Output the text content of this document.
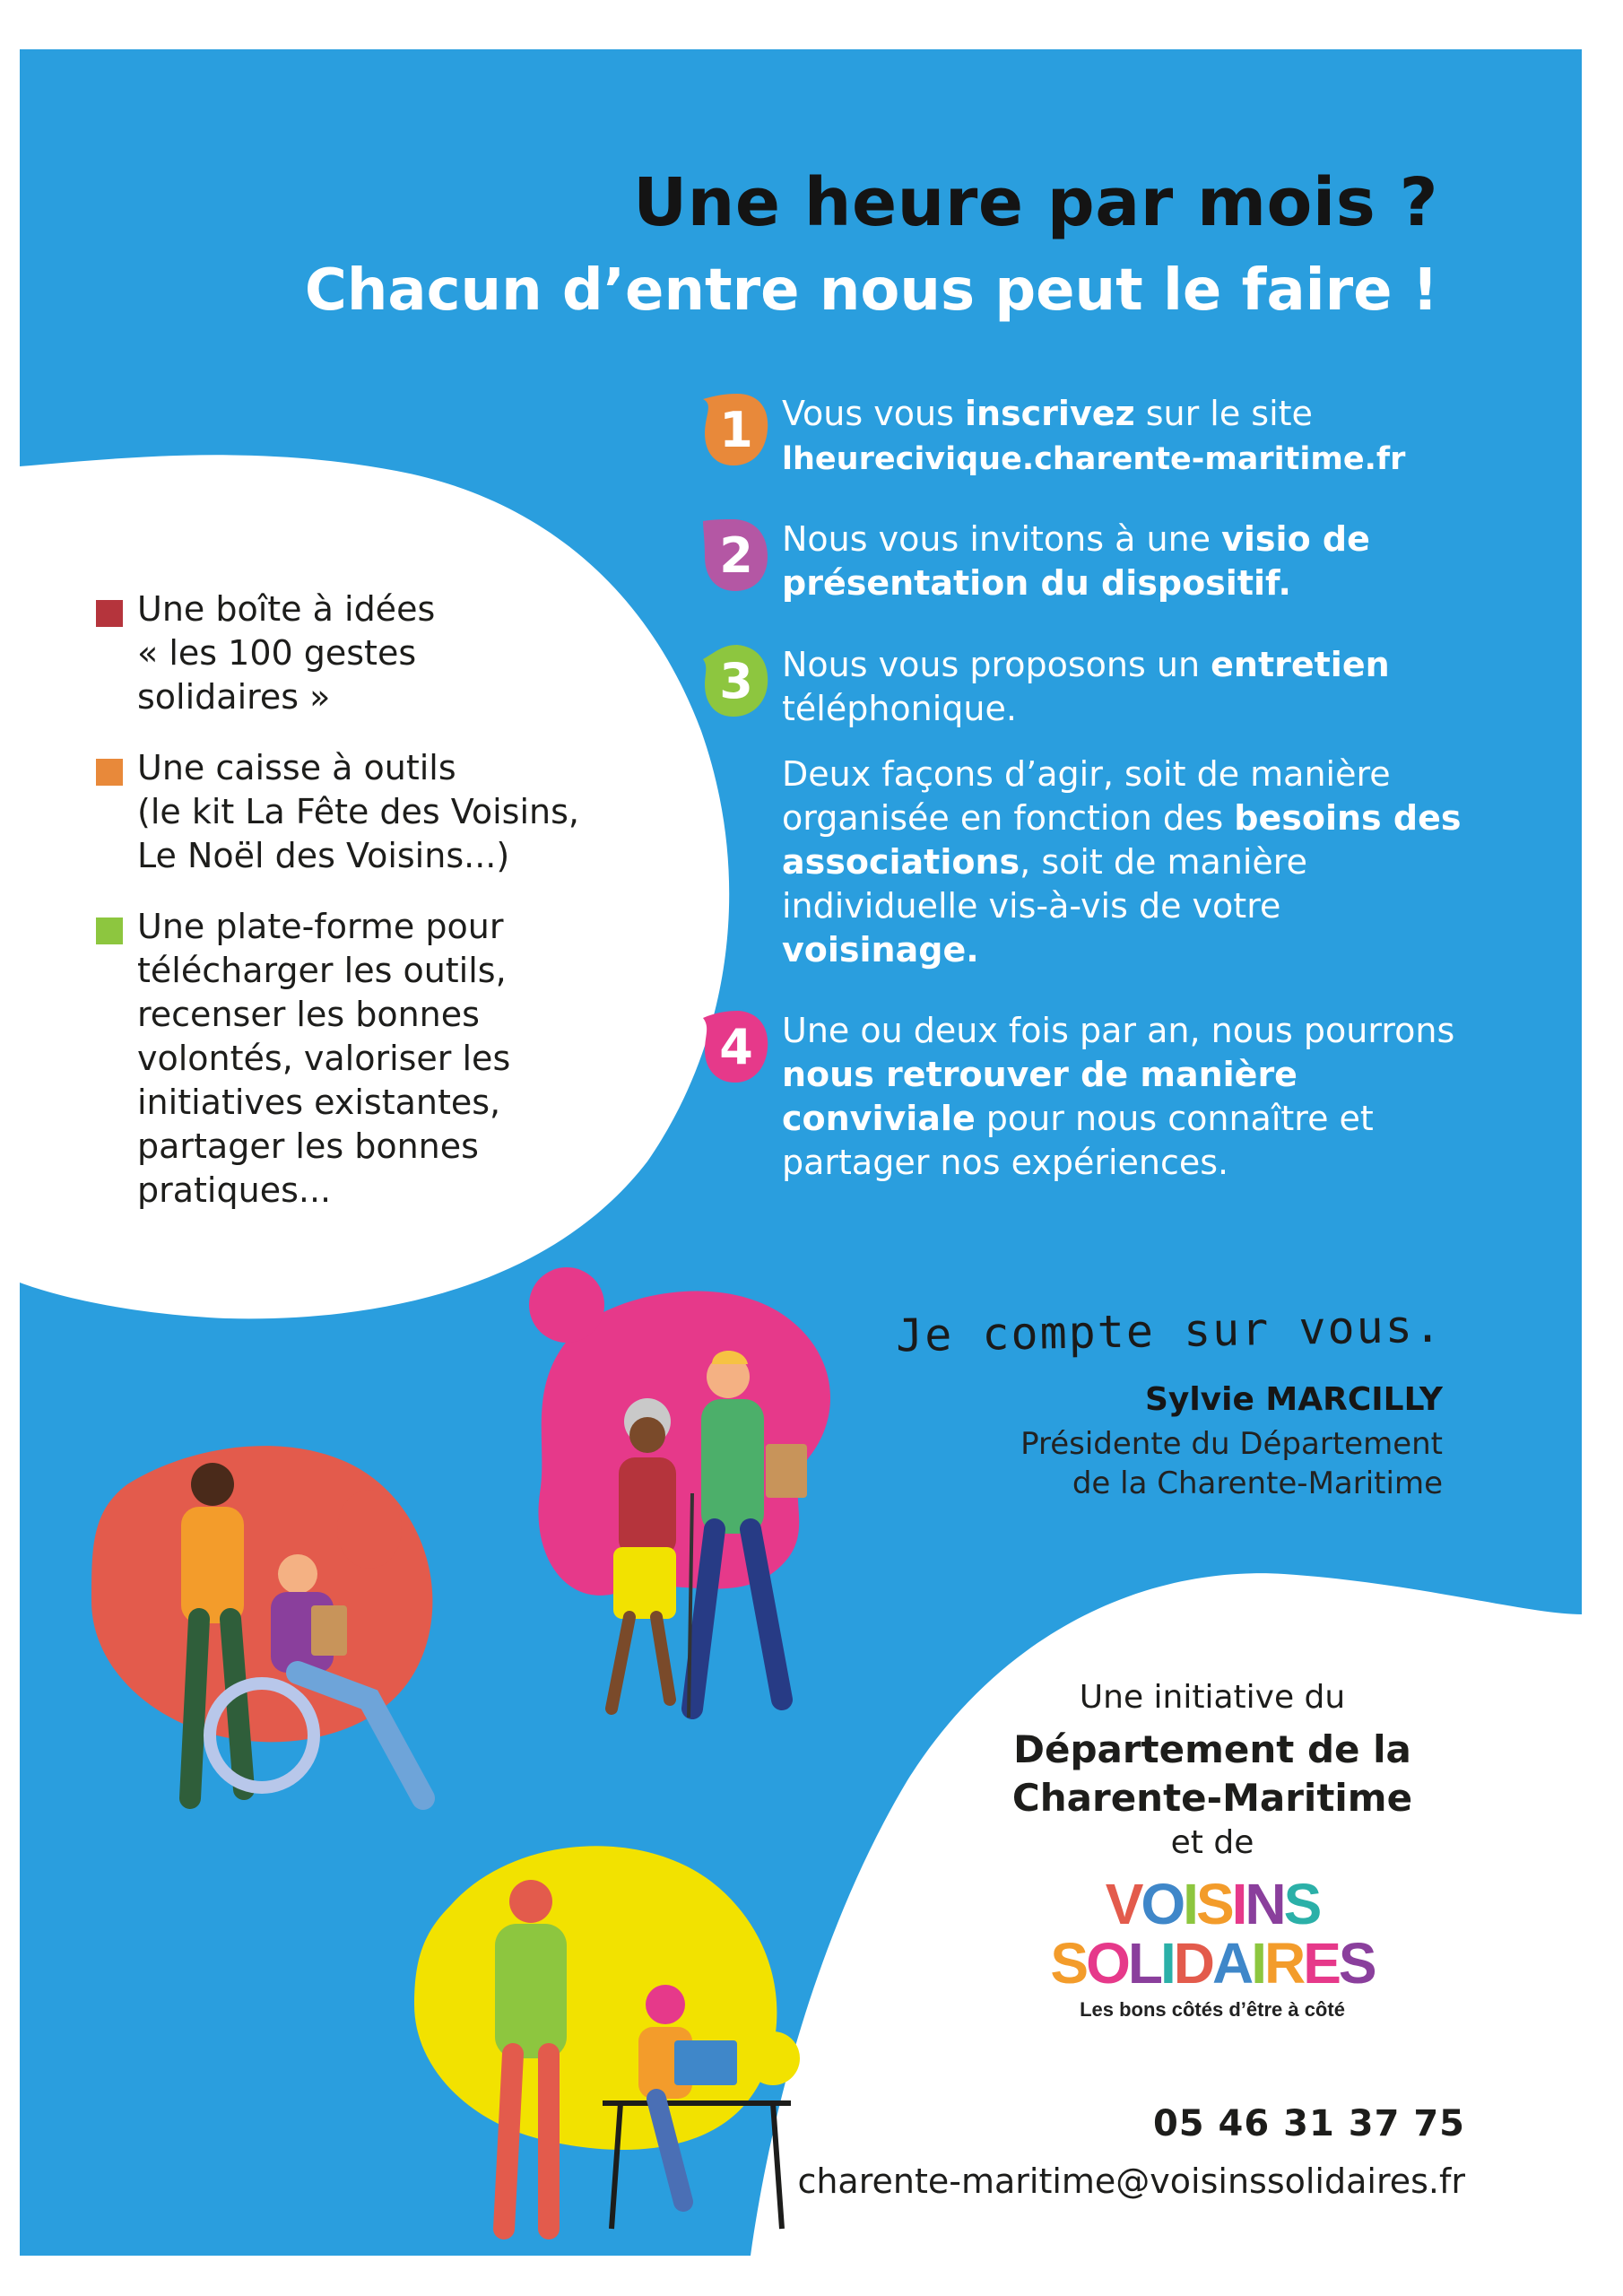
Une heure par mois ?
Chacun d’entre nous peut le faire !
Une boîte à idées
« les 100 gestes
solidaires »
Une caisse à outils
(le kit La Fête des Voisins,
Le Noël des Voisins...)
Une plate-forme pour
télécharger les outils,
recenser les bonnes
volontés, valoriser les
initiatives existantes,
partager les bonnes
pratiques...
1 Vous vous inscrivez sur le site
lheurecivique.charente-maritime.fr
2 Nous vous invitons à une visio de présentation du dispositif.
3 Nous vous proposons un entretien téléphonique.
Deux façons d’agir, soit de manière organisée en fonction des besoins des associations, soit de manière individuelle vis-à-vis de votre voisinage.
4 Une ou deux fois par an, nous pourrons nous retrouver de manière conviviale pour nous connaître et partager nos expériences.
Je compte sur vous.
Sylvie MARCILLY
Présidente du Département
de la Charente-Maritime
Une initiative du
Département de la
Charente-Maritime
et de
VOISINS
SOLIDAIRES
Les bons côtés d’être à côté
05 46 31 37 75
charente-maritime@voisinssolidaires.fr
